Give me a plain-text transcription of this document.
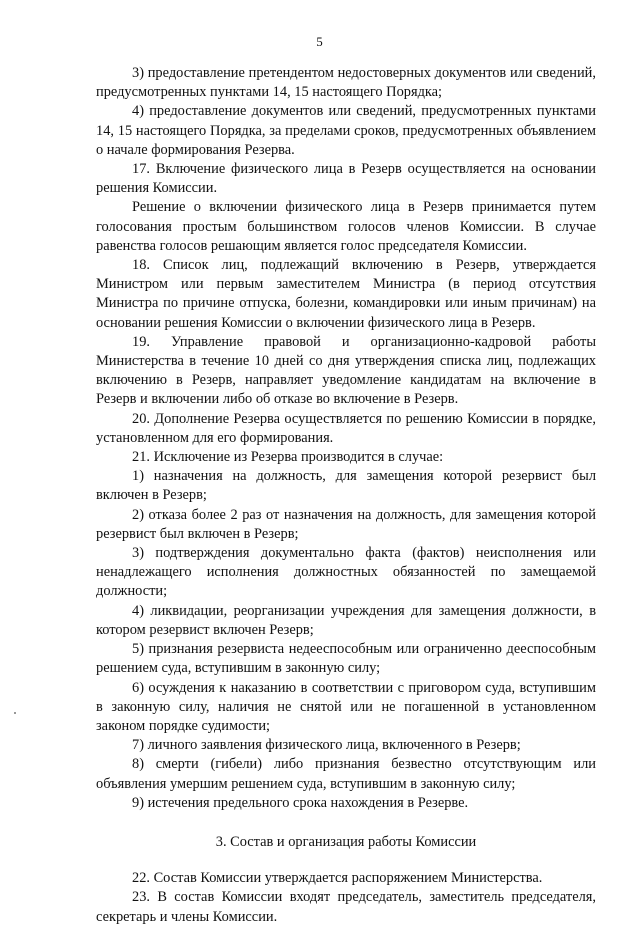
5

3) предоставление претендентом недостоверных документов или сведений, предусмотренных пунктами 14, 15 настоящего Порядка;

4) предоставление документов или сведений, предусмотренных пунктами 14, 15 настоящего Порядка, за пределами сроков, предусмотренных объявлением о начале формирования Резерва.

17. Включение физического лица в Резерв осуществляется на основании решения Комиссии.

Решение о включении физического лица в Резерв принимается путем голосования простым большинством голосов членов Комиссии. В случае равенства голосов решающим является голос председателя Комиссии.

18. Список лиц, подлежащий включению в Резерв, утверждается Министром или первым заместителем Министра (в период отсутствия Министра по причине отпуска, болезни, командировки или иным причинам) на основании решения Комиссии о включении физического лица в Резерв.

19. Управление правовой и организационно-кадровой работы Министерства в течение 10 дней со дня утверждения списка лиц, подлежащих включению в Резерв, направляет уведомление кандидатам на включение в Резерв и включении либо об отказе во включение в Резерв.

20. Дополнение Резерва осуществляется по решению Комиссии в порядке, установленном для его формирования.

21. Исключение из Резерва производится в случае:

1) назначения на должность, для замещения которой резервист был включен в Резерв;

2) отказа более 2 раз от назначения на должность, для замещения которой резервист был включен в Резерв;

3) подтверждения документально факта (фактов) неисполнения или ненадлежащего исполнения должностных обязанностей по замещаемой должности;

4) ликвидации, реорганизации учреждения для замещения должности, в котором резервист включен Резерв;

5) признания резервиста недееспособным или ограниченно дееспособным решением суда, вступившим в законную силу;

6) осуждения к наказанию в соответствии с приговором суда, вступившим в законную силу, наличия не снятой или не погашенной в установленном законом порядке судимости;

7) личного заявления физического лица, включенного в Резерв;

8) смерти (гибели) либо признания безвестно отсутствующим или объявления умершим решением суда, вступившим в законную силу;

9) истечения предельного срока нахождения в Резерве.

3. Состав и организация работы Комиссии

22. Состав Комиссии утверждается распоряжением Министерства.

23. В состав Комиссии входят председатель, заместитель председателя, секретарь и члены Комиссии.
